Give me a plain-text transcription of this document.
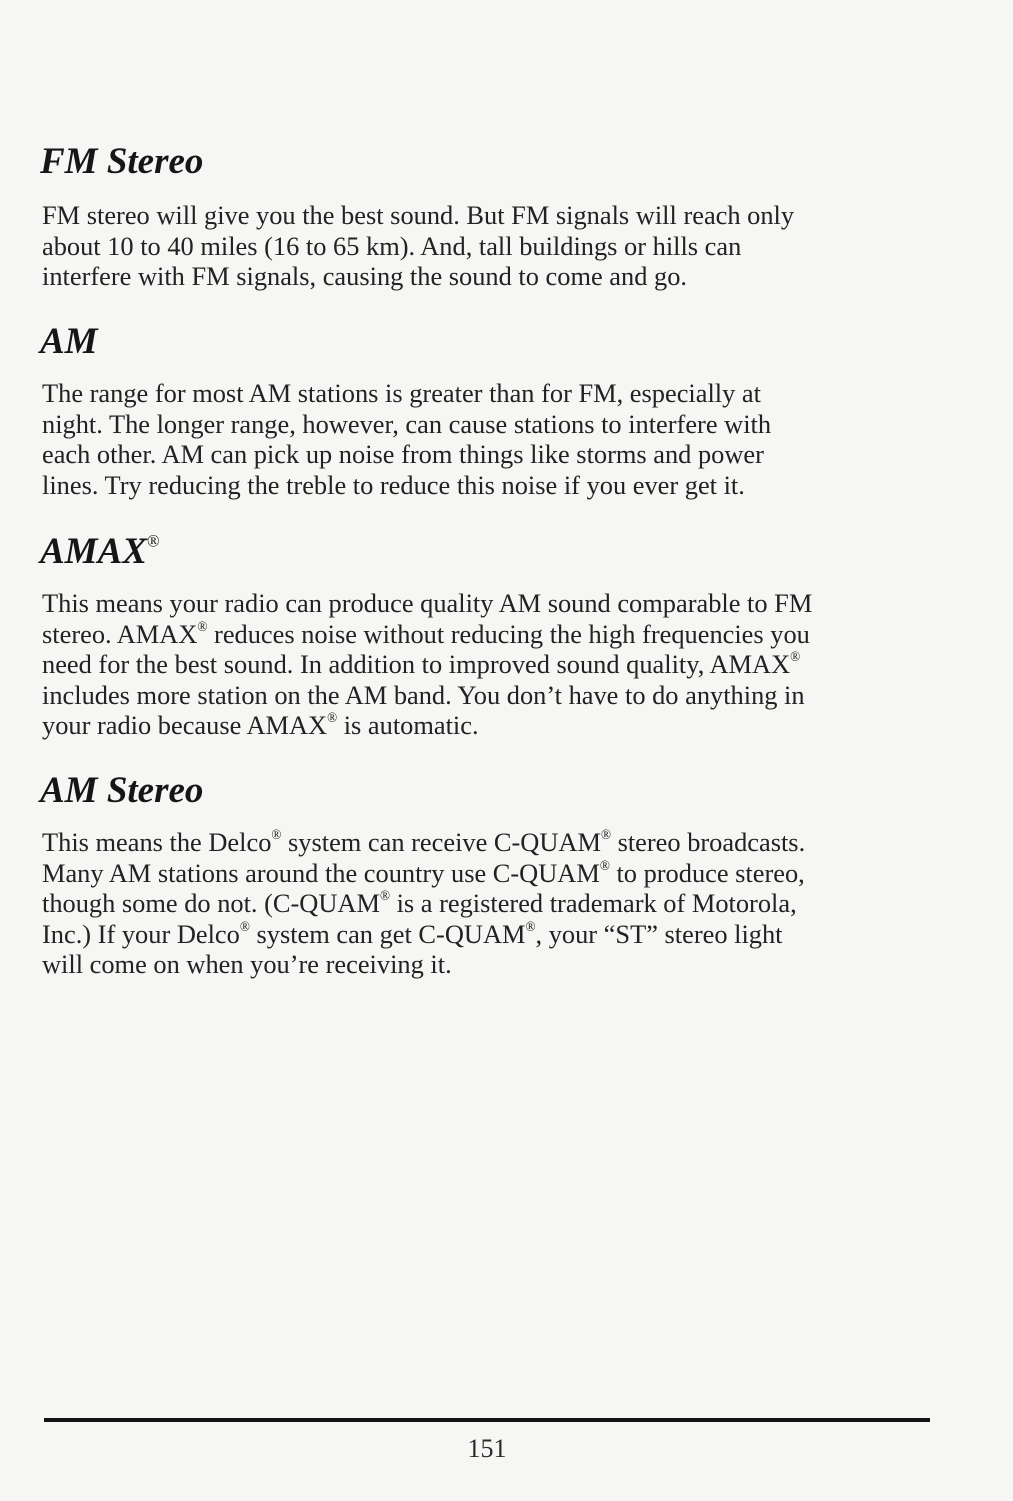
FM Stereo
FM stereo will give you the best sound. But FM signals will reach only
about 10 to 40 miles (16 to 65 km). And, tall buildings or hills can
interfere with FM signals, causing the sound to come and go.
AM
The range for most AM stations is greater than for FM, especially at
night. The longer range, however, can cause stations to interfere with
each other. AM can pick up noise from things like storms and power
lines. Try reducing the treble to reduce this noise if you ever get it.
AMAX®
This means your radio can produce quality AM sound comparable to FM
stereo. AMAX® reduces noise without reducing the high frequencies you
need for the best sound. In addition to improved sound quality, AMAX®
includes more station on the AM band. You don’t have to do anything in
your radio because AMAX® is automatic.
AM Stereo
This means the Delco® system can receive C-QUAM® stereo broadcasts.
Many AM stations around the country use C-QUAM® to produce stereo,
though some do not. (C-QUAM® is a registered trademark of Motorola,
Inc.) If your Delco® system can get C-QUAM®, your “ST” stereo light
will come on when you’re receiving it.
151
